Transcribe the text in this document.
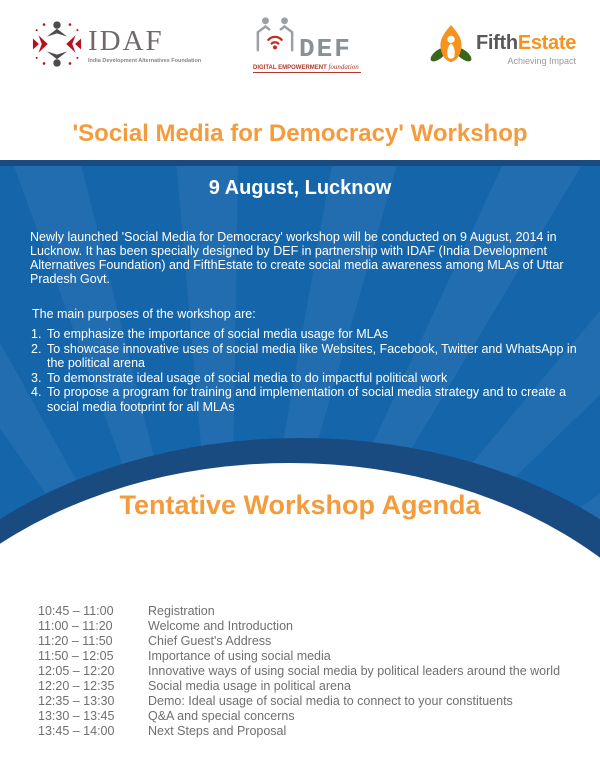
IDAF
India Development Alternatives Foundation	DEF
DIGITAL EMPOWERMENT foundation
FifthEstate
Achieving Impact
'Social Media for Democracy' Workshop
9 August, Lucknow
Newly launched 'Social Media for Democracy' workshop will be conducted on 9 August, 2014 in Lucknow. It has been specially designed by DEF in partnership with IDAF (India Development Alternatives Foundation) and FifthEstate to create social media awareness among MLAs of Uttar Pradesh Govt.
The main purposes of the workshop are:
To emphasize the importance of social media usage for MLAs
To showcase innovative uses of social media like Websites, Facebook, Twitter and WhatsApp in the political arena
To demonstrate ideal usage of social media to do impactful political work
To propose a program for training and implementation of social media strategy and to create a social media footprint for all MLAs
Tentative Workshop Agenda
10:45 – 11:00	Registration
11:00 – 11:20	Welcome and Introduction
11:20 – 11:50	Chief Guest's Address
11:50 – 12:05	Importance of using social media
12:05 – 12:20	Innovative ways of using social media by political leaders around the world
12:20 – 12:35	Social media usage in political arena
12:35 – 13:30	Demo: Ideal usage of social media to connect to your constituents
13:30 – 13:45	Q&A and special concerns
13:45 – 14:00	Next Steps and Proposal
